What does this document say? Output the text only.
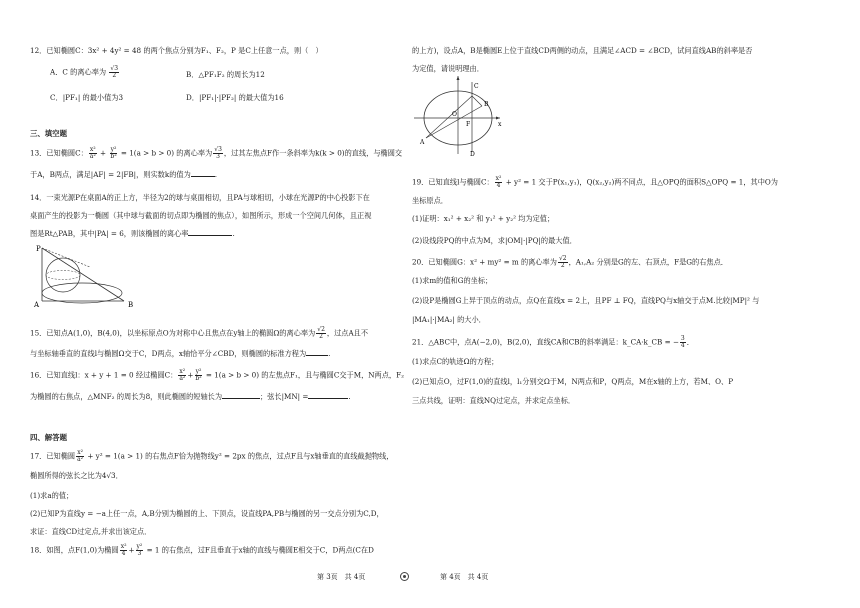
12．已知椭圆C：3x² + 4y² = 48 的两个焦点分别为F₁、F₂，P 是C上任意一点，则（　）
A．C 的离心率为 $\frac{√3}{2}$	B．△PF₁F₂ 的周长为12
C．|PF₁| 的最小值为3	D．|PF₁|·|PF₂| 的最大值为16
三、填空题
13．已知椭圆C： $\frac{\text{x²}}{\text{a²}} + \frac{\text{y²}}{\text{b²}} = 1(a > b > 0)$ 的离心率为 $\frac{√3}{3}$ ，过其左焦点F作一条斜率为k(k > 0)的直线，与椭圆交
于A，B两点，满足|AF| = 2|FB|，则实数k的值为	.
14．一束光源P在桌面A的正上方，半径为2的球与桌面相切，且PA与球相切，小球在光源P的中心投影下在
桌面产生的投影为一椭圆（其中球与截面的切点即为椭圆的焦点），如图所示，形成一个空间几何体，且正视
图是Rt△PAB，其中|PA| = 6，则该椭圆的离心率	.
P
A	B
15．已知点A(1,0)，B(4,0)，以坐标原点O为对称中心且焦点在y轴上的椭圆Ω的离心率为 $\frac{√2}{2}$ ，过点A且不
与坐标轴垂直的直线l与椭圆Ω交于C，D两点，x轴恰平分∠CBD，则椭圆的标准方程为	.
16．已知直线l：x + y + 1 = 0 经过椭圆C： $\frac{\text{x²}}{\text{a²}} + \frac{\text{y²}}{\text{b²}} = 1(a > b > 0)$ 的左焦点F₁，且与椭圆C交于M，N两点，F₂
为椭圆的右焦点，△MNF₂ 的周长为8，则此椭圆的短轴长为	；弦长|MN| =	.
四、解答题
17．已知椭圆 $\frac{\text{x²}}{\text{a²}} + y^2 = 1(a > 1)$ 的右焦点F恰为抛物线y² = 2px 的焦点，过点F且与x轴垂直的直线截抛物线，
椭圆所得的弦长之比为4√3．
(1)求a的值；
(2)已知P为直线y = −a上任一点，A,B分别为椭圆的上、下顶点，设直线PA,PB与椭圆的另一交点分别为C,D，
求证：直线CD过定点,并求出该定点．
18．如图，点F(1,0)为椭圆 $\frac{\text{x²}}{4} + \frac{\text{y²}}{3} = 1$ 的右焦点，过F且垂直于x轴的直线与椭圆E相交于C，D两点(C在D
的上方)，设点A，B是椭圆E上位于直线CD两侧的动点，且满足∠ACD = ∠BCD，试问直线AB的斜率是否
为定值，请说明理由．
C
B
O
F	x
A
D
19．已知直线l与椭圆C： $\frac{\text{x²}}{4} + y^2 = 1$ 交于P(x₁,y₁)，Q(x₂,y₂)两不同点，且△OPQ的面积S△OPQ = 1，其中O为
坐标原点．
(1)证明：x₁² + x₂² 和 y₁² + y₂² 均为定值；
(2)设线段PQ的中点为M，求|OM|·|PQ|的最大值．
20．已知椭圆G：x² + my² = m 的离心率为 $\frac{√2}{2}$ ，A₁,A₂ 分别是G的左、右顶点，F是G的右焦点．
(1)求m的值和G的坐标；
(2)设P是椭圆G上异于顶点的动点，点Q在直线x = 2上，且PF ⊥ FQ，直线PQ与x轴交于点M.比较|MP|² 与
|MA₁|·|MA₂| 的大小．
21．△ABC中，点A(−2,0)，B(2,0)，直线CA和CB的斜率满足：k_CA·k_CB = − $\frac{3}{4}$ ．
(1)求点C的轨迹Ω的方程；
(2)已知点O，过F(1,0)的直线l，l₁分别交Ω于M，N两点和P，Q两点，M在x轴的上方，若M、O、P
三点共线，证明：直线NQ过定点，并求定点坐标．
第 3页　共 4页	第 4页　共 4页
